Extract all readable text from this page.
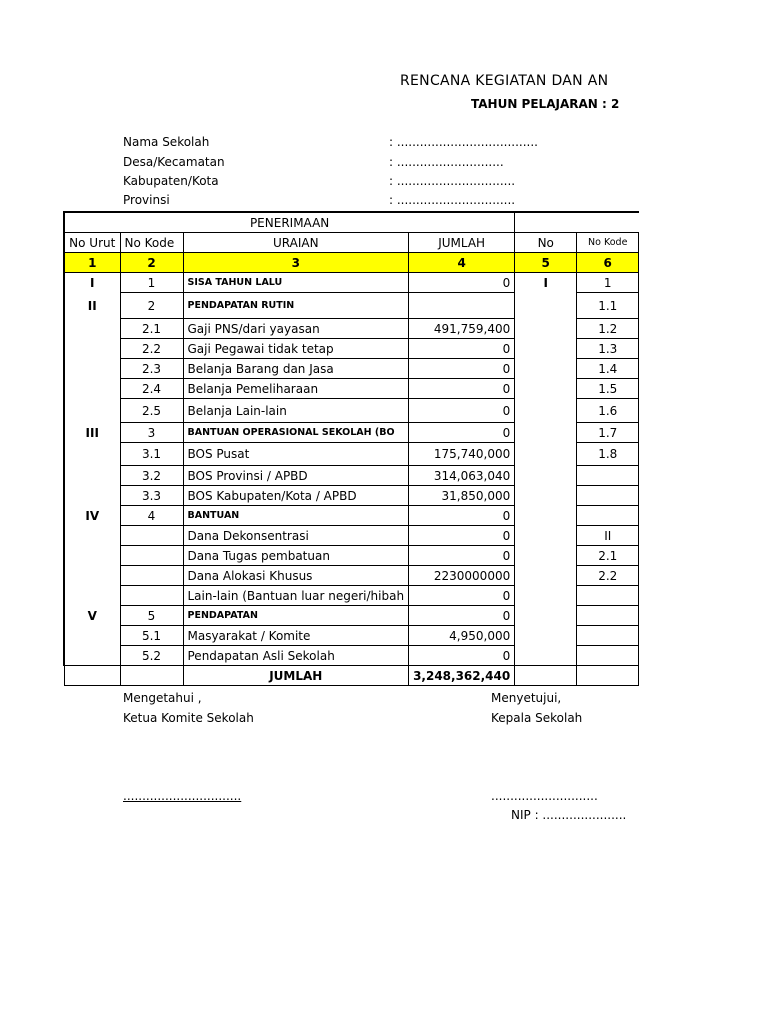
RENCANA KEGIATAN DAN AN
TAHUN PELAJARAN : 2
Nama Sekolah	: .....................................
Desa/Kecamatan	: ............................
Kabupaten/Kota	: ...............................
Provinsi	: ...............................
PENERIMAAN					
No Urut	No Kode	URAIAN	JUMLAH	No	No Kode
1	2	3	4	5	6
I	1	SISA TAHUN LALU	0	I	1
II	2	PENDAPATAN RUTIN			1.1
	2.1	Gaji PNS/dari yayasan	491,759,400		1.2
	2.2	Gaji Pegawai tidak tetap	0		1.3
	2.3	Belanja Barang dan Jasa	0		1.4
	2.4	Belanja Pemeliharaan	0		1.5
	2.5	Belanja Lain-lain	0		1.6
III	3	BANTUAN OPERASIONAL SEKOLAH (BO	0		1.7
	3.1	BOS Pusat	175,740,000		1.8
	3.2	BOS Provinsi / APBD	314,063,040		
	3.3	BOS Kabupaten/Kota / APBD	31,850,000		
IV	4	BANTUAN	0		
		Dana Dekonsentrasi	0		II
		Dana Tugas pembatuan	0		2.1
		Dana Alokasi Khusus	2230000000		2.2
		Lain-lain (Bantuan luar negeri/hibah	0		
V	5	PENDAPATAN	0		
	5.1	Masyarakat / Komite	4,950,000		
	5.2	Pendapatan Asli Sekolah	0		
		JUMLAH	3,248,362,440		
Mengetahui ,
Ketua Komite Sekolah
...............................
Menyetujui,
Kepala Sekolah
............................
NIP : ......................
